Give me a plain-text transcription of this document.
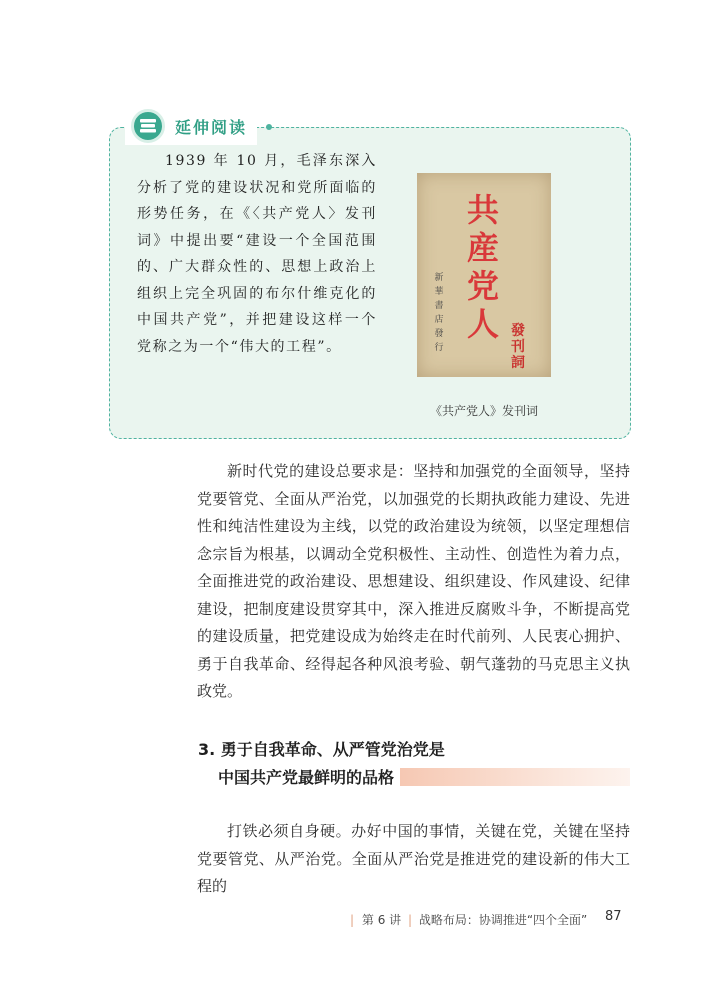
延伸阅读
1939 年 10 月，毛泽东深入分析了党的建设状况和党所面临的形势任务，在《〈共产党人〉发刊词》中提出要“建设一个全国范围的、广大群众性的、思想上政治上组织上完全巩固的布尔什维克化的中国共产党”，并把建设这样一个党称之为一个“伟大的工程”。
共産党人
新華書店發行
發刊詞
《共产党人》发刊词
新时代党的建设总要求是：坚持和加强党的全面领导，坚持党要管党、全面从严治党，以加强党的长期执政能力建设、先进性和纯洁性建设为主线，以党的政治建设为统领，以坚定理想信念宗旨为根基，以调动全党积极性、主动性、创造性为着力点，全面推进党的政治建设、思想建设、组织建设、作风建设、纪律建设，把制度建设贯穿其中，深入推进反腐败斗争，不断提高党的建设质量，把党建设成为始终走在时代前列、人民衷心拥护、勇于自我革命、经得起各种风浪考验、朝气蓬勃的马克思主义执政党。
3. 勇于自我革命、从严管党治党是
中国共产党最鲜明的品格
打铁必须自身硬。办好中国的事情，关键在党，关键在坚持党要管党、从严治党。全面从严治党是推进党的建设新的伟大工程的
| 第 6 讲 | 战略布局：协调推进“四个全面” 87
